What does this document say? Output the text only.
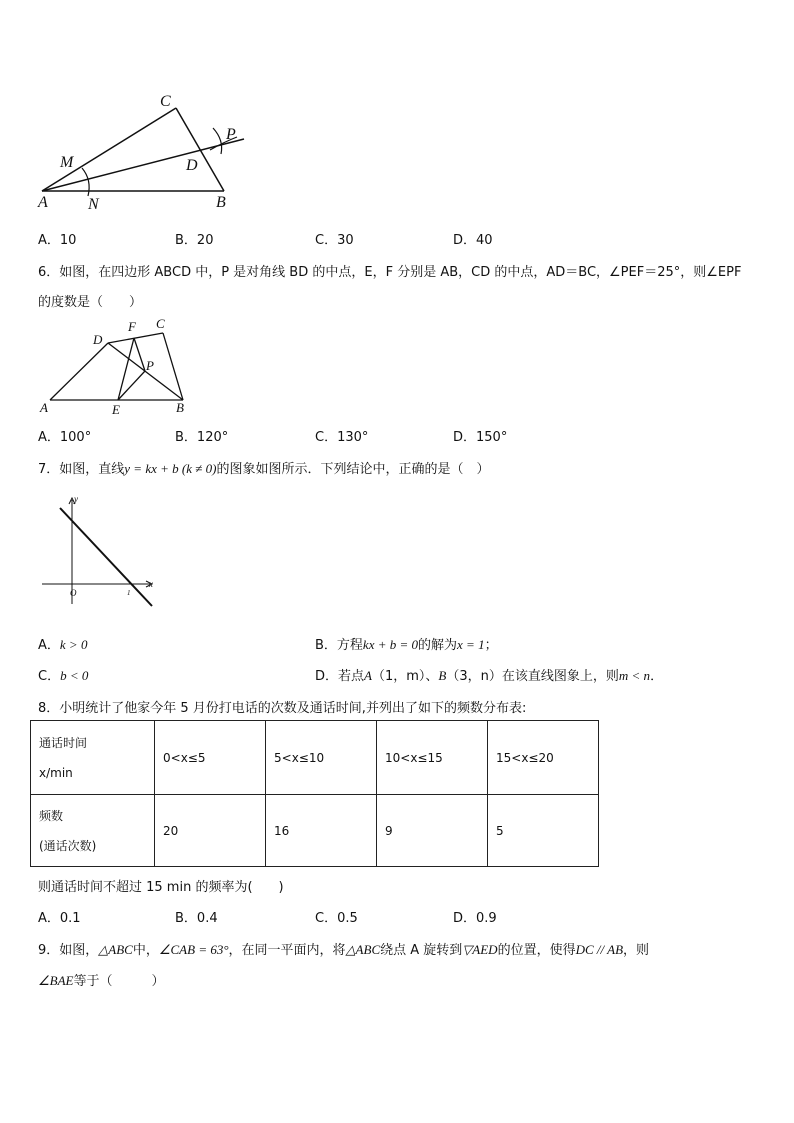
C
P
M	D
A	N	B
A．10	B．20	C．30	D．40
6．如图，在四边形 ABCD 中，P 是对角线 BD 的中点，E，F 分别是 AB，CD 的中点，AD＝BC，∠PEF＝25°，则∠EPF
的度数是（　　）
D
F C
P
A	E	B
A．100°	B．120°	C．130°	D．150°
7．如图，直线y = kx + b (k ≠ 0)的图象如图所示．下列结论中，正确的是（　）
y
x
O	1
A．k > 0	B．方程kx + b = 0的解为x = 1；
C．b < 0	D．若点A（1，m）、B（3，n）在该直线图象上，则m < n．
8．小明统计了他家今年 5 月份打电话的次数及通话时间,并列出了如下的频数分布表:
通话时间
x/min	0<x≤5	5<x≤10	10<x≤15	15<x≤20

频数
(通话次数)	20	16	9	5
则通话时间不超过 15 min 的频率为(　　)
A．0.1	B．0.4	C．0.5	D．0.9
9．如图，△ABC中，∠CAB = 63°，在同一平面内，将△ABC绕点 A 旋转到▽AED的位置，使得DC // AB，则
∠BAE等于（　　　）
